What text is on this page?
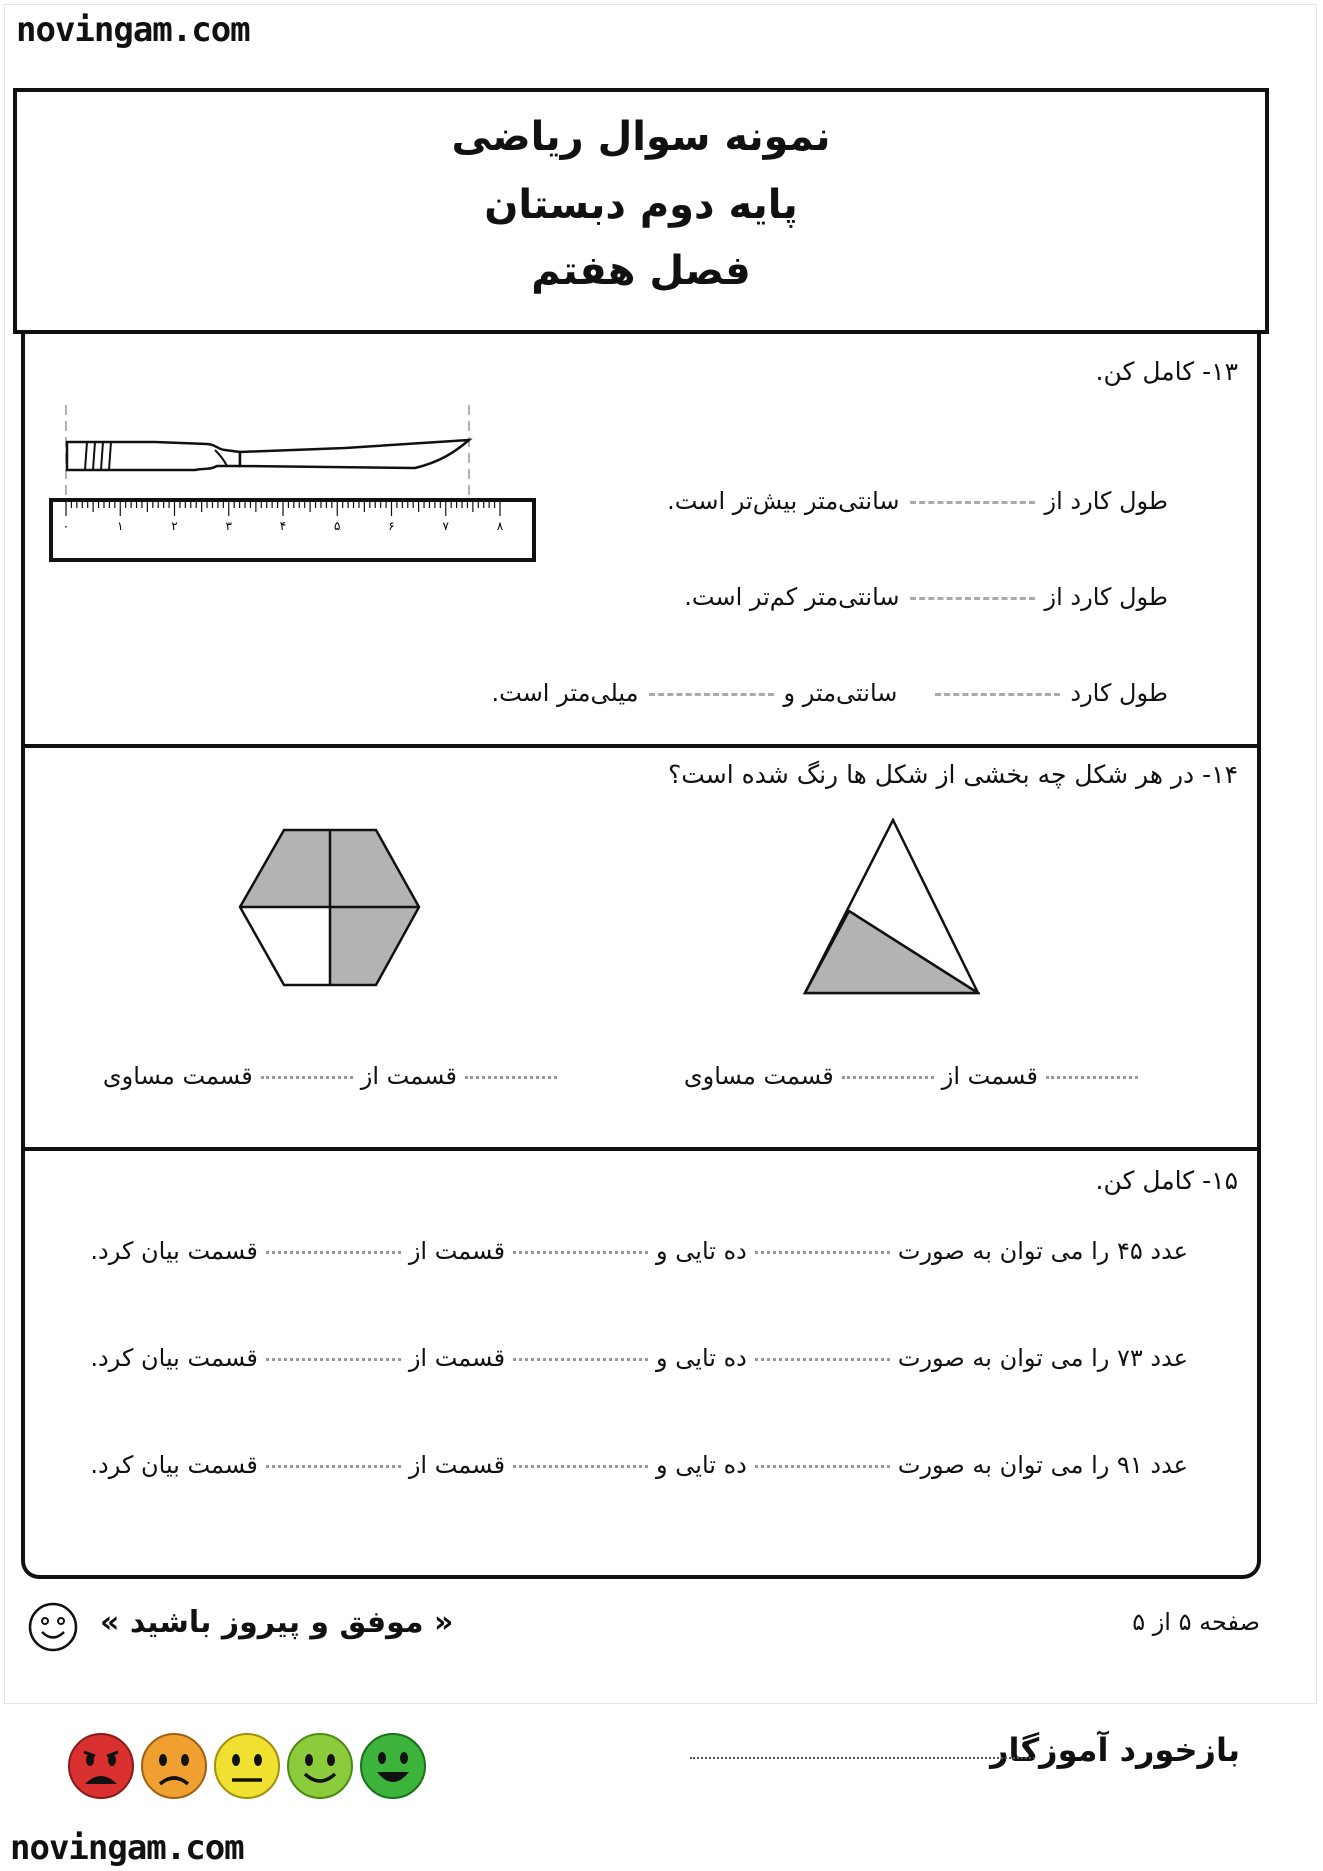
novingam.com
نمونه سوال ریاضی
پایه دوم دبستان
فصل هفتم
۱۳- کامل کن.
۰	۱	۲	۳	۴	۵	۶	۷	۸
طول کارد ازسانتی‌متر بیش‌تر است.
طول کارد ازسانتی‌متر کم‌تر است.
طول کاردسانتی‌متر ومیلی‌متر است.
۱۴- در هر شکل چه بخشی از شکل ها رنگ شده است؟
قسمت ازقسمت مساوی
قسمت ازقسمت مساوی
۱۵- کامل کن.
عدد ۴۵ را می توان به صورتده تایی وقسمت ازقسمت بیان کرد.
عدد ۷۳ را می توان به صورتده تایی وقسمت ازقسمت بیان کرد.
عدد ۹۱ را می توان به صورتده تایی وقسمت ازقسمت بیان کرد.
صفحه ۵ از ۵
« موفق و پیروز باشید »
بازخورد آموزگار
novingam.com
